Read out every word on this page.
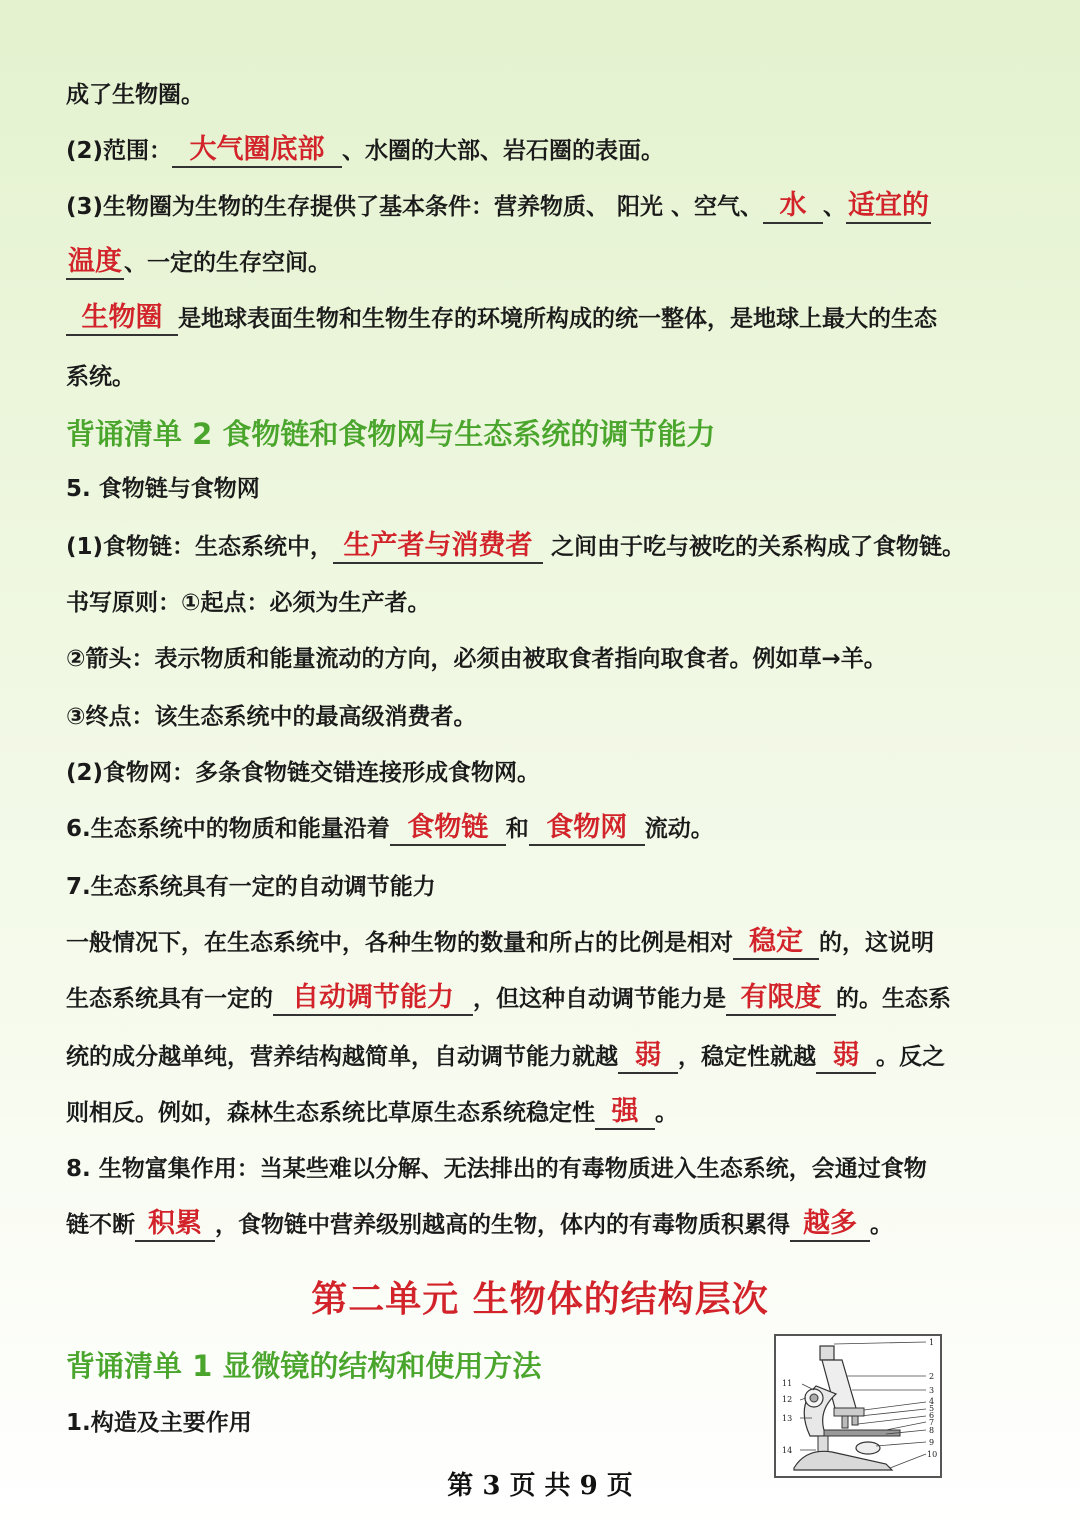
成了生物圈。
(2)范围： 大气圈底部 、水圈的大部、岩石圈的表面。
(3)生物圈为生物的生存提供了基本条件：营养物质、 阳光 、空气、 水 、适宜的
温度、一定的生存空间。
生物圈 是地球表面生物和生物生存的环境所构成的统一整体，是地球上最大的生态
系统。
背诵清单 2 食物链和食物网与生态系统的调节能力
5. 食物链与食物网
(1)食物链：生态系统中， 生产者与消费者 之间由于吃与被吃的关系构成了食物链。
书写原则：①起点：必须为生产者。
②箭头：表示物质和能量流动的方向，必须由被取食者指向取食者。例如草→羊。
③终点：该生态系统中的最高级消费者。
(2)食物网：多条食物链交错连接形成食物网。
6.生态系统中的物质和能量沿着 食物链 和 食物网 流动。
7.生态系统具有一定的自动调节能力
一般情况下，在生态系统中，各种生物的数量和所占的比例是相对 稳定 的，这说明
生态系统具有一定的 自动调节能力 ，但这种自动调节能力是 有限度 的。生态系
统的成分越单纯，营养结构越简单，自动调节能力就越 弱 ，稳定性就越 弱 。反之
则相反。例如，森林生态系统比草原生态系统稳定性 强 。
8. 生物富集作用：当某些难以分解、无法排出的有毒物质进入生态系统，会通过食物
链不断 积累 ，食物链中营养级别越高的生物，体内的有毒物质积累得 越多 。
第二单元 生物体的结构层次
背诵清单 1 显微镜的结构和使用方法
1.构造及主要作用
1
2
3
4
5
6
7
8
9
10
11
12
13
14
第 3 页 共 9 页
